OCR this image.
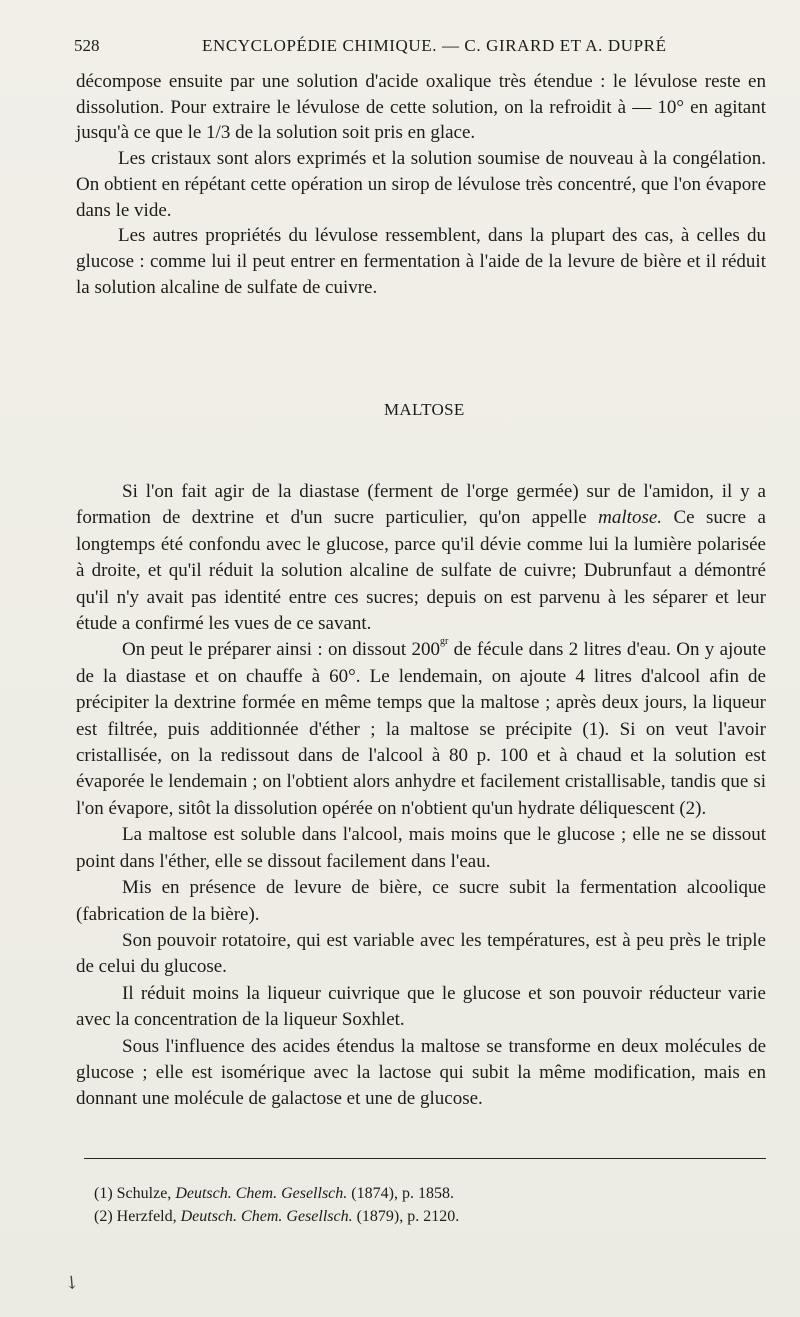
528	ENCYCLOPÉDIE CHIMIQUE. — C. GIRARD ET A. DUPRÉ

décompose ensuite par une solution d'acide oxalique très étendue : le lévulose reste en dissolution. Pour extraire le lévulose de cette solution, on la refroidit à — 10° en agitant jusqu'à ce que le 1/3 de la solution soit pris en glace.

Les cristaux sont alors exprimés et la solution soumise de nouveau à la congélation. On obtient en répétant cette opération un sirop de lévulose très concentré, que l'on évapore dans le vide.

Les autres propriétés du lévulose ressemblent, dans la plupart des cas, à celles du glucose : comme lui il peut entrer en fermentation à l'aide de la levure de bière et il réduit la solution alcaline de sulfate de cuivre.

MALTOSE

Si l'on fait agir de la diastase (ferment de l'orge germée) sur de l'amidon, il y a formation de dextrine et d'un sucre particulier, qu'on appelle maltose. Ce sucre a longtemps été confondu avec le glucose, parce qu'il dévie comme lui la lumière polarisée à droite, et qu'il réduit la solution alcaline de sulfate de cuivre; Dubrunfaut a démontré qu'il n'y avait pas identité entre ces sucres; depuis on est parvenu à les séparer et leur étude a confirmé les vues de ce savant.

On peut le préparer ainsi : on dissout $200^{gr}$ de fécule dans 2 litres d'eau. On y ajoute de la diastase et on chauffe à 60°. Le lendemain, on ajoute 4 litres d'alcool afin de précipiter la dextrine formée en même temps que la maltose ; après deux jours, la liqueur est filtrée, puis additionnée d'éther ; la maltose se précipite (1). Si on veut l'avoir cristallisée, on la redissout dans de l'alcool à 80 p. 100 et à chaud et la solution est évaporée le lendemain ; on l'obtient alors anhydre et facilement cristallisable, tandis que si l'on évapore, sitôt la dissolution opérée on n'obtient qu'un hydrate déliquescent (2).

La maltose est soluble dans l'alcool, mais moins que le glucose ; elle ne se dissout point dans l'éther, elle se dissout facilement dans l'eau.

Mis en présence de levure de bière, ce sucre subit la fermentation alcoolique (fabrication de la bière).

Son pouvoir rotatoire, qui est variable avec les températures, est à peu près le triple de celui du glucose.

Il réduit moins la liqueur cuivrique que le glucose et son pouvoir réducteur varie avec la concentration de la liqueur Soxhlet.

Sous l'influence des acides étendus la maltose se transforme en deux molécules de glucose ; elle est isomérique avec la lactose qui subit la même modification, mais en donnant une molécule de galactose et une de glucose.

(1) Schulze, Deutsch. Chem. Gesellsch. (1874), p. 1858.
(2) Herzfeld, Deutsch. Chem. Gesellsch. (1879), p. 2120.
↘
